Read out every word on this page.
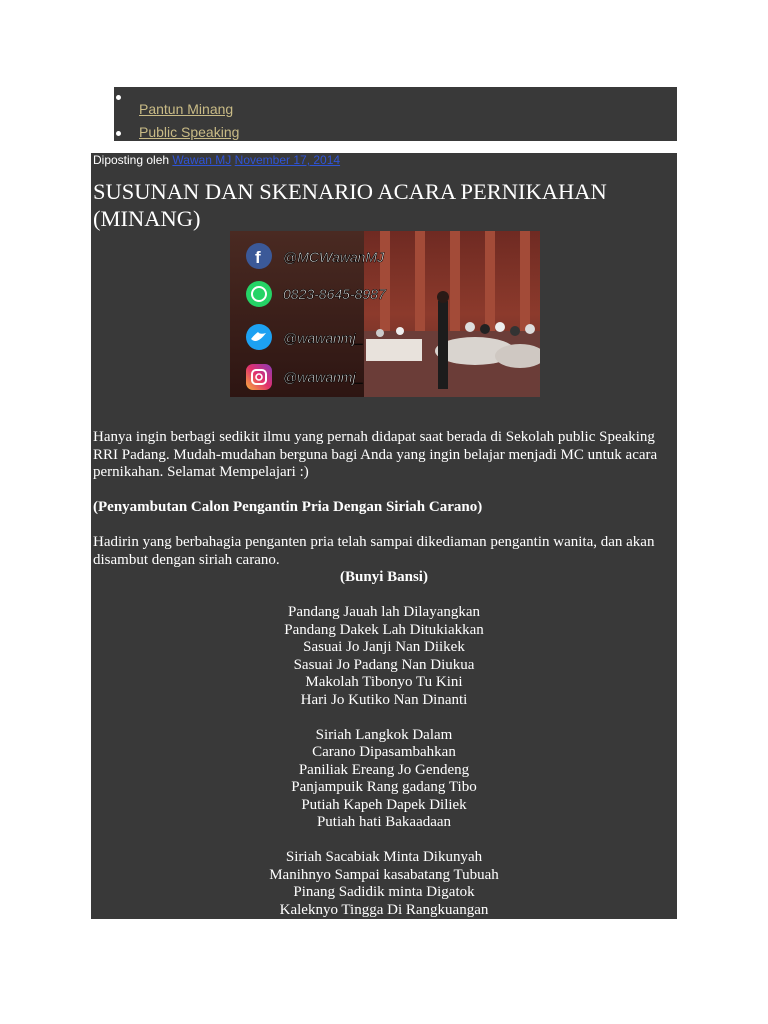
Pantun Minang
Public Speaking
Diposting oleh Wawan MJ November 17, 2014
SUSUNAN DAN SKENARIO ACARA PERNIKAHAN (MINANG)
f @MCWawanMJ
0823-8645-8987
@wawanmj_
@wawanmj_
Hanya ingin berbagi sedikit ilmu yang pernah didapat saat berada di Sekolah public Speaking RRI Padang. Mudah-mudahan berguna bagi Anda yang ingin belajar menjadi MC untuk acara pernikahan. Selamat Mempelajari :)
(Penyambutan Calon Pengantin Pria Dengan Siriah Carano)
Hadirin yang berbahagia penganten pria telah sampai dikediaman pengantin wanita, dan akan disambut dengan siriah carano.
(Bunyi Bansi)
Pandang Jauah lah Dilayangkan
Pandang Dakek Lah Ditukiakkan
Sasuai Jo Janji Nan Diikek
Sasuai Jo Padang Nan Diukua
Makolah Tibonyo Tu Kini
Hari Jo Kutiko Nan Dinanti
Siriah Langkok Dalam
Carano Dipasambahkan
Paniliak Ereang Jo Gendeng
Panjampuik Rang gadang Tibo
Putiah Kapeh Dapek Diliek
Putiah hati Bakaadaan
Siriah Sacabiak Minta Dikunyah
Manihnyo Sampai kasabatang Tubuah
Pinang Sadidik minta Digatok
Kaleknyo Tingga Di Rangkuangan
